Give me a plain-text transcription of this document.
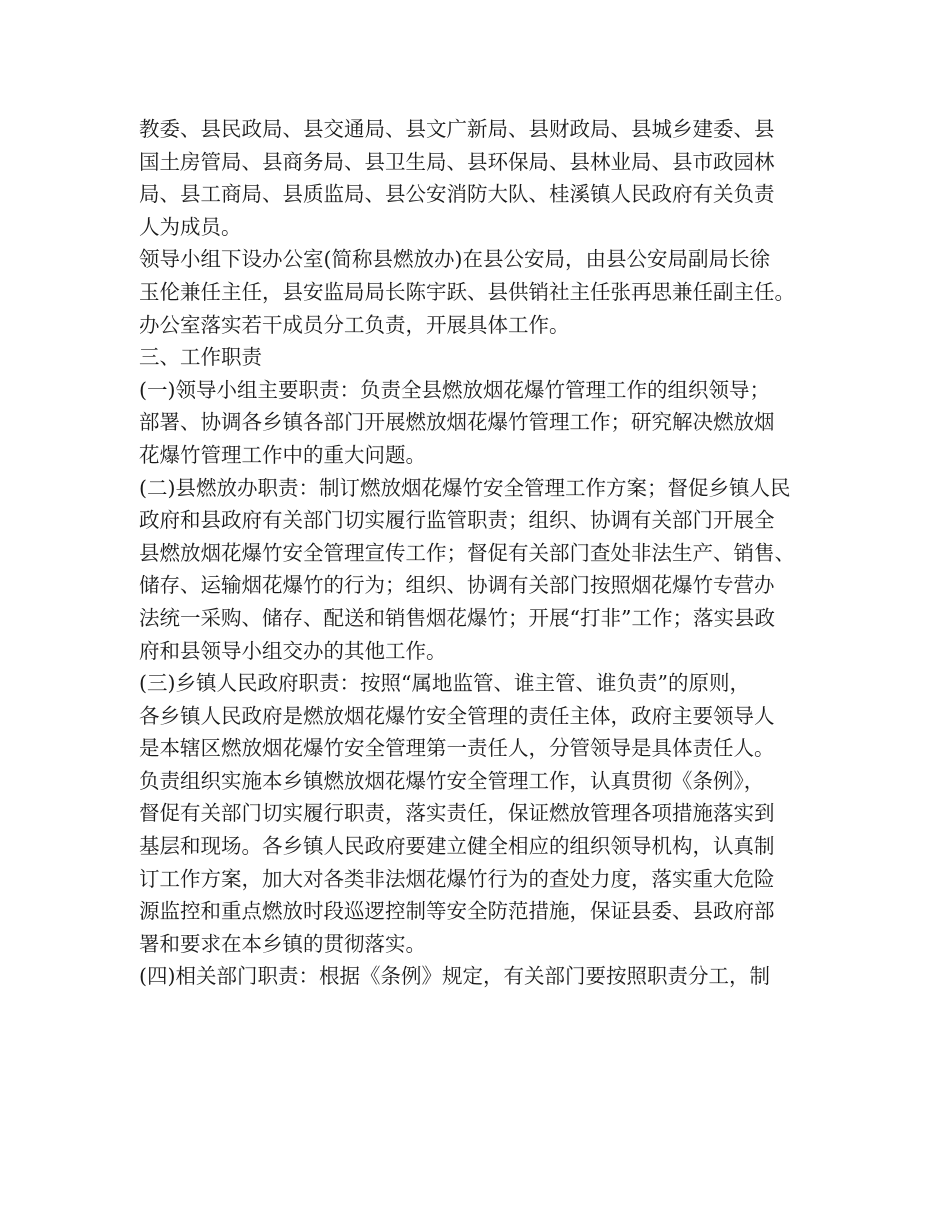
教委、县民政局、县交通局、县文广新局、县财政局、县城乡建委、县
国土房管局、县商务局、县卫生局、县环保局、县林业局、县市政园林
局、县工商局、县质监局、县公安消防大队、桂溪镇人民政府有关负责
人为成员。
领导小组下设办公室(简称县燃放办)在县公安局，由县公安局副局长徐
玉伦兼任主任，县安监局局长陈宇跃、县供销社主任张再思兼任副主任。
办公室落实若干成员分工负责，开展具体工作。
三、工作职责
(一)领导小组主要职责：负责全县燃放烟花爆竹管理工作的组织领导；
部署、协调各乡镇各部门开展燃放烟花爆竹管理工作；研究解决燃放烟
花爆竹管理工作中的重大问题。
(二)县燃放办职责：制订燃放烟花爆竹安全管理工作方案；督促乡镇人民
政府和县政府有关部门切实履行监管职责；组织、协调有关部门开展全
县燃放烟花爆竹安全管理宣传工作；督促有关部门查处非法生产、销售、
储存、运输烟花爆竹的行为；组织、协调有关部门按照烟花爆竹专营办
法统一采购、储存、配送和销售烟花爆竹；开展“打非”工作；落实县政
府和县领导小组交办的其他工作。
(三)乡镇人民政府职责：按照“属地监管、谁主管、谁负责”的原则，
各乡镇人民政府是燃放烟花爆竹安全管理的责任主体，政府主要领导人
是本辖区燃放烟花爆竹安全管理第一责任人，分管领导是具体责任人。
负责组织实施本乡镇燃放烟花爆竹安全管理工作，认真贯彻《条例》，
督促有关部门切实履行职责，落实责任，保证燃放管理各项措施落实到
基层和现场。各乡镇人民政府要建立健全相应的组织领导机构，认真制
订工作方案，加大对各类非法烟花爆竹行为的查处力度，落实重大危险
源监控和重点燃放时段巡逻控制等安全防范措施，保证县委、县政府部
署和要求在本乡镇的贯彻落实。
(四)相关部门职责：根据《条例》规定，有关部门要按照职责分工，制
